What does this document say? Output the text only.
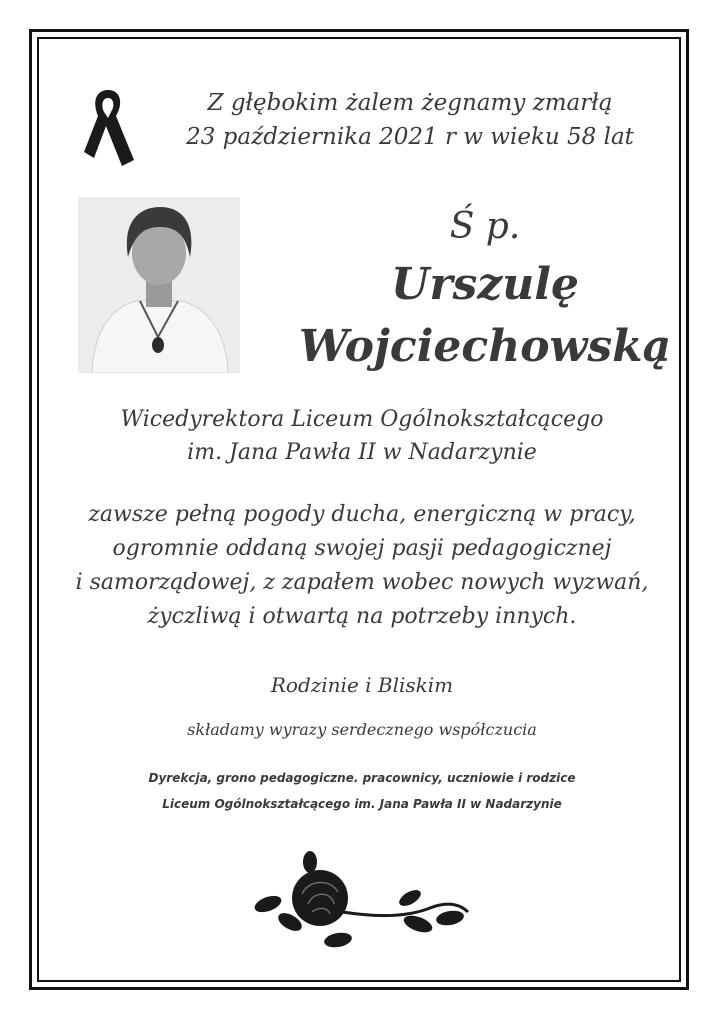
Z głębokim żalem żegnamy zmarłą
23 października 2021 r w wieku 58 lat
Ś p.
Urszulę
Wojciechowską
Wicedyrektora Liceum Ogólnokształcącego
im. Jana Pawła II w Nadarzynie
zawsze pełną pogody ducha, energiczną w pracy,
ogromnie oddaną swojej pasji pedagogicznej
i samorządowej, z zapałem wobec nowych wyzwań,
życzliwą i otwartą na potrzeby innych.
Rodzinie i Bliskim
składamy wyrazy serdecznego współczucia
Dyrekcja, grono pedagogiczne. pracownicy, uczniowie i rodzice
Liceum Ogólnokształcącego im. Jana Pawła II w Nadarzynie
